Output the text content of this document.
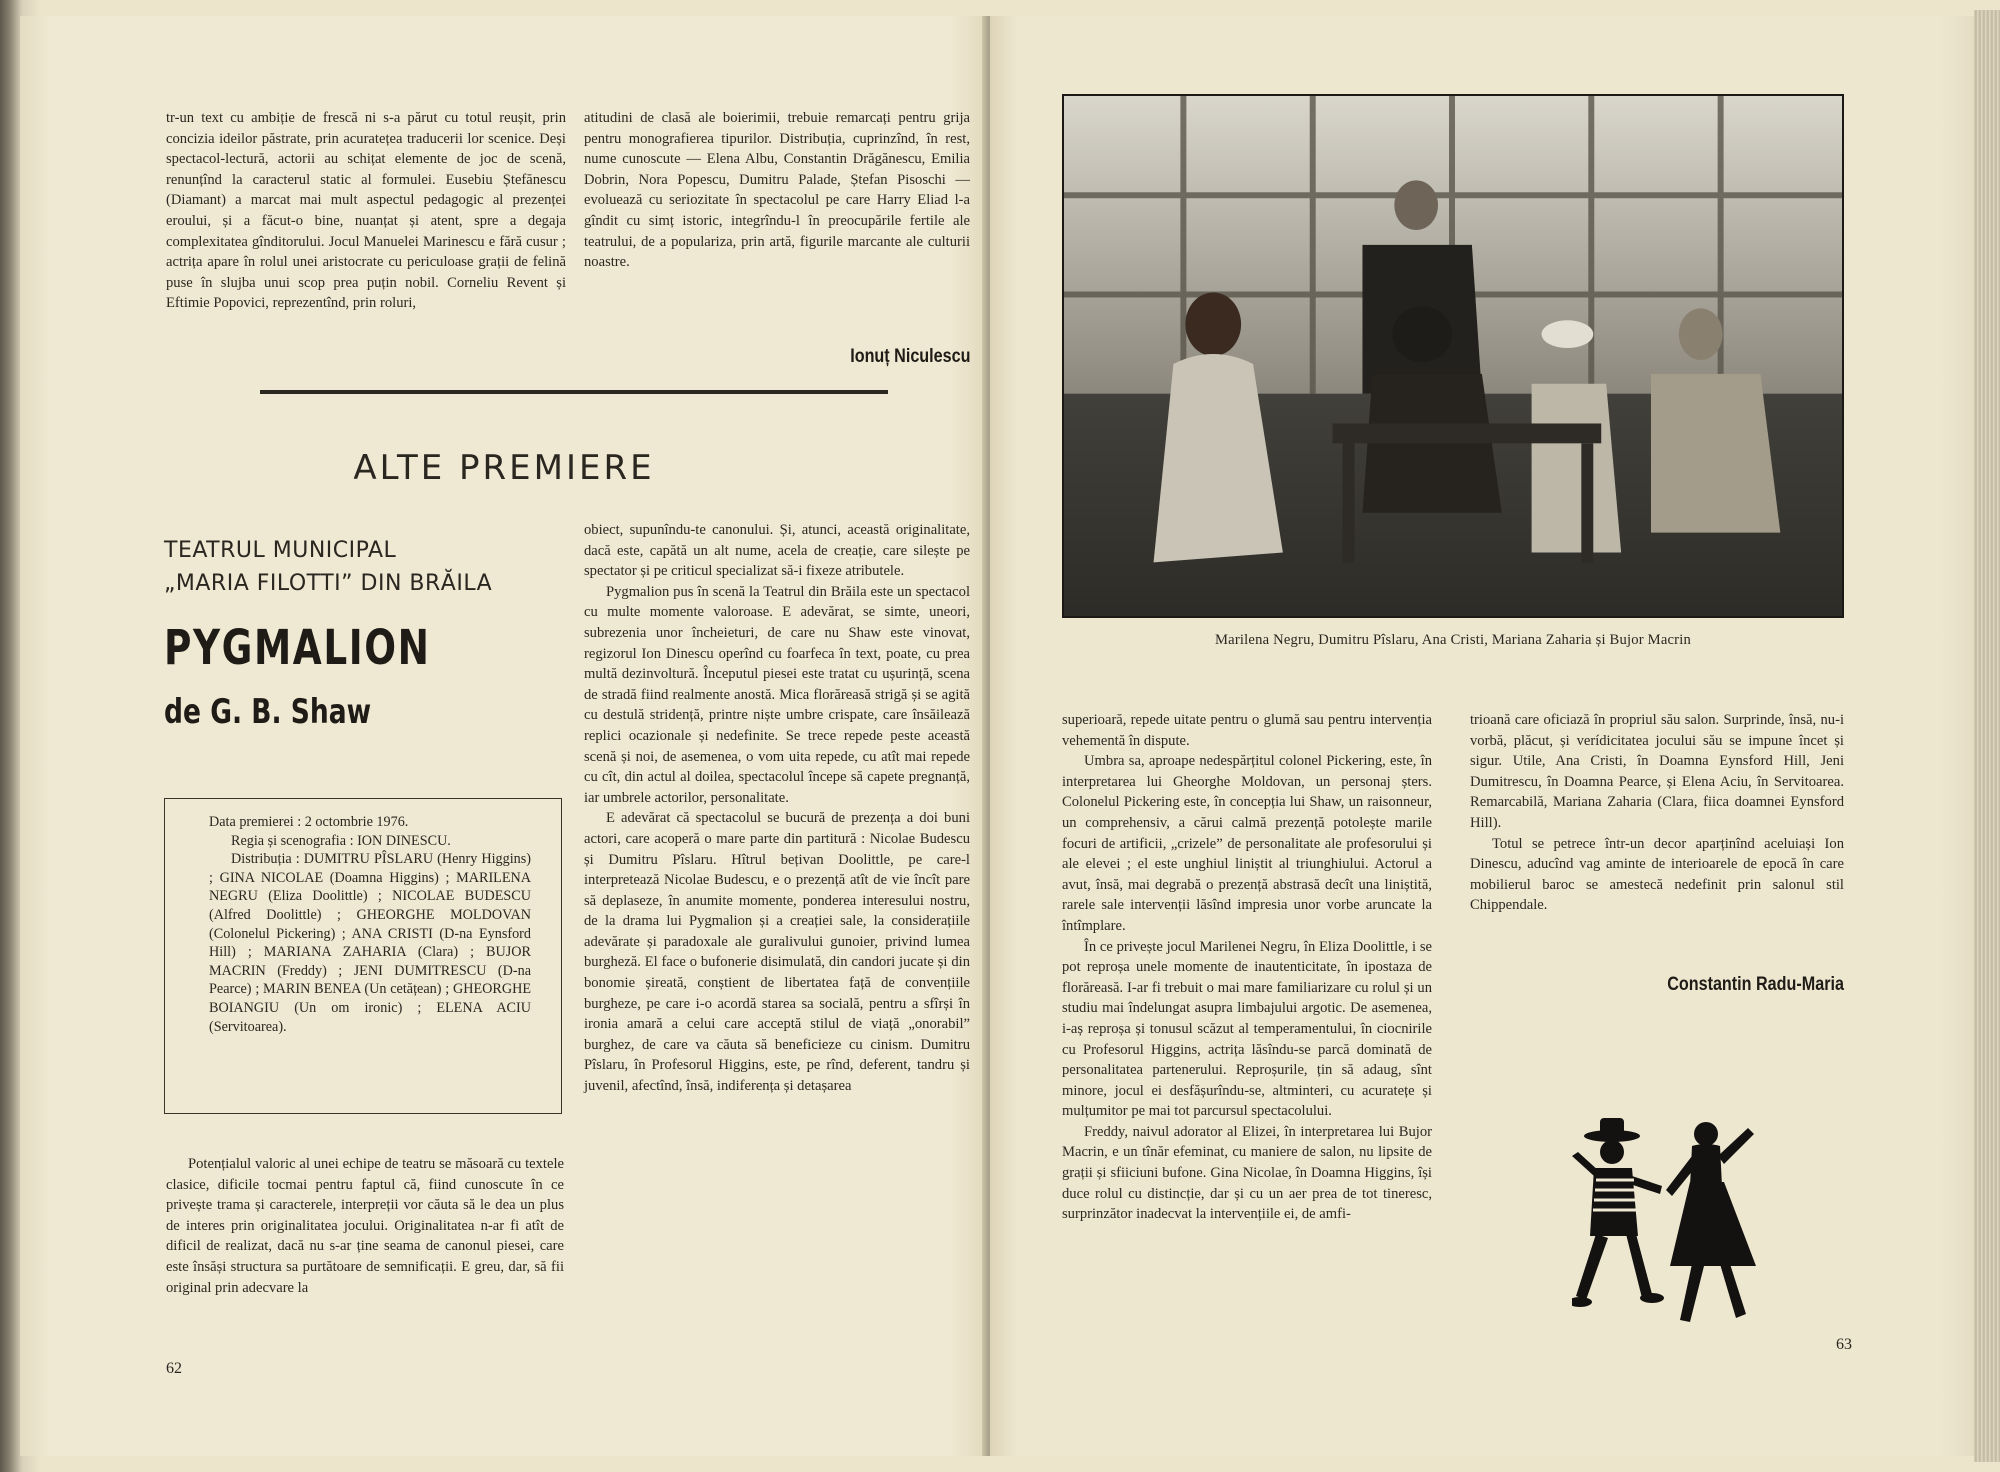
tr-un text cu ambiție de frescă ni s-a părut cu totul reușit, prin concizia ideilor păstrate, prin acuratețea traducerii lor scenice. Deși spectacol-lectură, actorii au schițat elemente de joc de scenă, renunțînd la caracterul static al formulei. Eusebiu Ștefănescu (Diamant) a marcat mai mult aspectul pedagogic al prezenței eroului, și a făcut-o bine, nuanțat și atent, spre a degaja complexitatea gînditorului. Jocul Manuelei Marinescu e fără cusur ; actrița apare în rolul unei aristocrate cu periculoase grații de felină puse în slujba unui scop prea puțin nobil. Corneliu Revent și Eftimie Popovici, reprezentînd, prin roluri,

atitudini de clasă ale boierimii, trebuie remarcați pentru grija pentru monografierea tipurilor. Distribuția, cuprinzînd, în rest, nume cunoscute — Elena Albu, Constantin Drăgănescu, Emilia Dobrin, Nora Popescu, Dumitru Palade, Ștefan Pisoschi — evoluează cu seriozitate în spectacolul pe care Harry Eliad l-a gîndit cu simț istoric, integrîndu-l în preocupările fertile ale teatrului, de a populariza, prin artă, figurile marcante ale culturii noastre.

Ionuț Niculescu
ALTE PREMIERE
TEATRUL MUNICIPAL
„MARIA FILOTTI” DIN BRĂILA
PYGMALION
de G. B. Shaw

Data premierei : 2 octombrie 1976.

Regia și scenografia : ION DINESCU.

Distribuția : DUMITRU PÎSLARU (Henry Higgins) ; GINA NICOLAE (Doamna Higgins) ; MARILENA NEGRU (Eliza Doolittle) ; NICOLAE BUDESCU (Alfred Doolittle) ; GHEORGHE MOLDOVAN (Colonelul Pickering) ; ANA CRISTI (D-na Eynsford Hill) ; MARIANA ZAHARIA (Clara) ; BUJOR MACRIN (Freddy) ; JENI DUMITRESCU (D-na Pearce) ; MARIN BENEA (Un cetățean) ; GHEORGHE BOIANGIU (Un om ironic) ; ELENA ACIU (Servitoarea).

Potențialul valoric al unei echipe de teatru se măsoară cu textele clasice, dificile tocmai pentru faptul că, fiind cunoscute în ce privește trama și caracterele, interpreții vor căuta să le dea un plus de interes prin originalitatea jocului. Originalitatea n-ar fi atît de dificil de realizat, dacă nu s-ar ține seama de canonul piesei, care este însăși structura sa purtătoare de semnificații. E greu, dar, să fii original prin adecvare la

obiect, supunîndu-te canonului. Și, atunci, această originalitate, dacă este, capătă un alt nume, acela de creație, care silește pe spectator și pe criticul specializat să-i fixeze atributele.

Pygmalion pus în scenă la Teatrul din Brăila este un spectacol cu multe momente valoroase. E adevărat, se simte, uneori, subrezenia unor încheieturi, de care nu Shaw este vinovat, regizorul Ion Dinescu operînd cu foarfeca în text, poate, cu prea multă dezinvoltură. Începutul piesei este tratat cu ușurință, scena de stradă fiind realmente anostă. Mica florăreasă strigă și se agită cu destulă stridență, printre niște umbre crispate, care însăilează replici ocazionale și nedefinite. Se trece repede peste această scenă și noi, de asemenea, o vom uita repede, cu atît mai repede cu cît, din actul al doilea, spectacolul începe să capete pregnanță, iar umbrele actorilor, personalitate.

E adevărat că spectacolul se bucură de prezența a doi buni actori, care acoperă o mare parte din partitură : Nicolae Budescu și Dumitru Pîslaru. Hîtrul bețivan Doolittle, pe care-l interpretează Nicolae Budescu, e o prezență atît de vie încît pare să deplaseze, în anumite momente, ponderea interesului nostru, de la drama lui Pygmalion și a creației sale, la considerațiile adevărate și paradoxale ale guralivului gunoier, privind lumea burgheză. El face o bufonerie disimulată, din candori jucate și din bonomie șireată, conștient de libertatea față de convențiile burgheze, pe care i-o acordă starea sa socială, pentru a sfîrși în ironia amară a celui care acceptă stilul de viață „onorabil” burghez, de care va căuta să beneficieze cu cinism. Dumitru Pîslaru, în Profesorul Higgins, este, pe rînd, deferent, tandru și juvenil, afectînd, însă, indiferența și detașarea

62
Marilena Negru, Dumitru Pîslaru, Ana Cristi, Mariana Zaharia și Bujor Macrin

superioară, repede uitate pentru o glumă sau pentru intervenția vehementă în dispute.

Umbra sa, aproape nedespărțitul colonel Pickering, este, în interpretarea lui Gheorghe Moldovan, un personaj șters. Colonelul Pickering este, în concepția lui Shaw, un raisonneur, un comprehensiv, a cărui calmă prezență potolește marile focuri de artificii, „crizele” de personalitate ale profesorului și ale elevei ; el este unghiul liniștit al triunghiului. Actorul a avut, însă, mai degrabă o prezență abstrasă decît una liniștită, rarele sale intervenții lăsînd impresia unor vorbe aruncate la întîmplare.

În ce privește jocul Marilenei Negru, în Eliza Doolittle, i se pot reproșa unele momente de inautenticitate, în ipostaza de florăreasă. I-ar fi trebuit o mai mare familiarizare cu rolul și un studiu mai îndelungat asupra limbajului argotic. De asemenea, i-aș reproșa și tonusul scăzut al temperamentului, în ciocnirile cu Profesorul Higgins, actrița lăsîndu-se parcă dominată de personalitatea partenerului. Reproșurile, țin să adaug, sînt minore, jocul ei desfășurîndu-se, altminteri, cu acuratețe și mulțumitor pe mai tot parcursul spectacolului.

Freddy, naivul adorator al Elizei, în interpretarea lui Bujor Macrin, e un tînăr efeminat, cu maniere de salon, nu lipsite de grații și sfiiciuni bufone. Gina Nicolae, în Doamna Higgins, își duce rolul cu distincție, dar și cu un aer prea de tot tineresc, surprinzător inadecvat la intervențiile ei, de amfi-

trioană care oficiază în propriul său salon. Surprinde, însă, nu-i vorbă, plăcut, și verídicitatea jocului său se impune încet și sigur. Utile, Ana Cristi, în Doamna Eynsford Hill, Jeni Dumitrescu, în Doamna Pearce, și Elena Aciu, în Servitoarea. Remarcabilă, Mariana Zaharia (Clara, fiica doamnei Eynsford Hill).

Totul se petrece într-un decor aparținînd aceluiași Ion Dinescu, aducînd vag aminte de interioarele de epocă în care mobilierul baroc se amestecă nedefinit prin salonul stil Chippendale.

Constantin Radu-Maria
63
